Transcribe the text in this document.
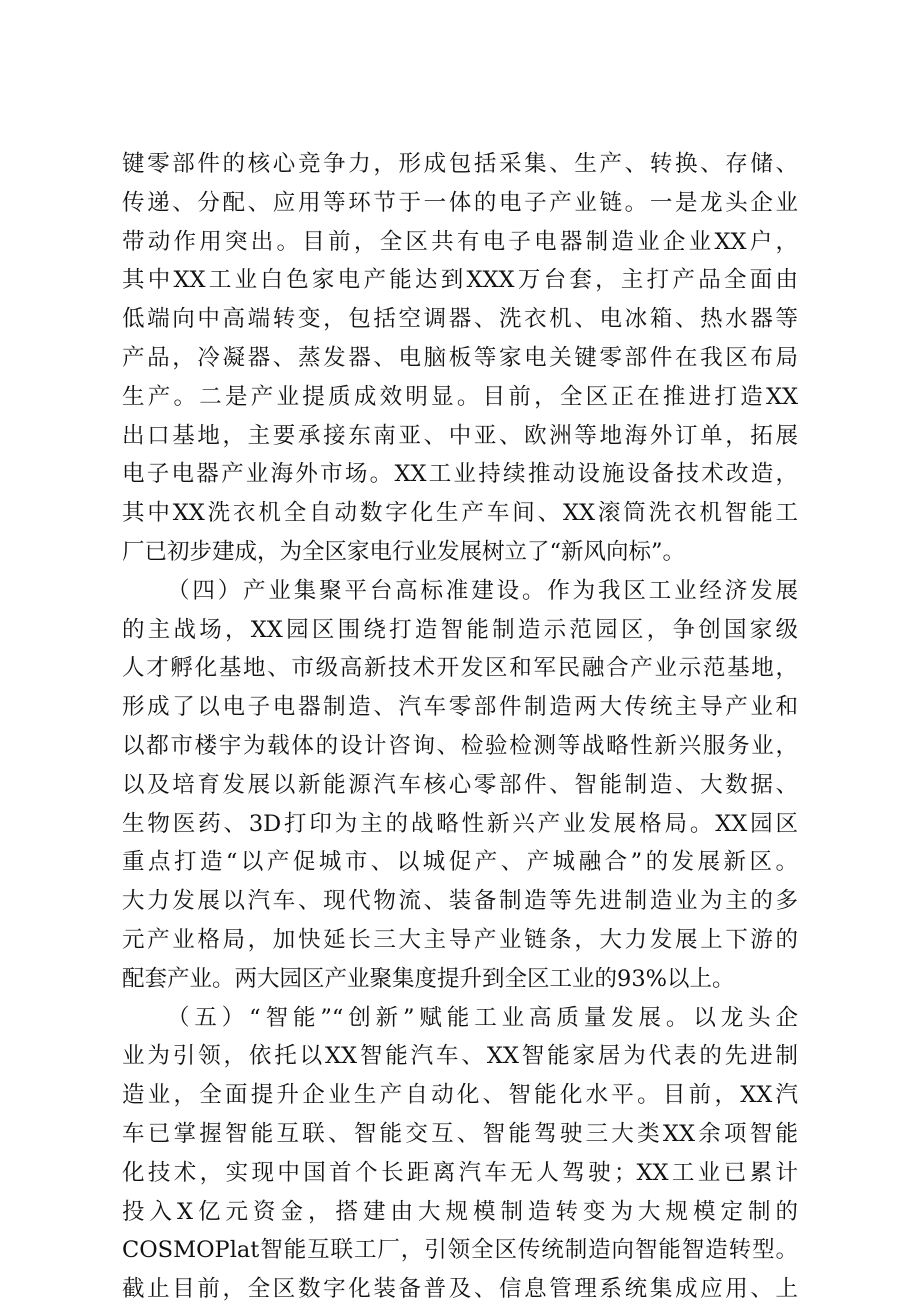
键零部件的核心竞争力，形成包括采集、生产、转换、存储、
传递、分配、应用等环节于一体的电子产业链。一是龙头企业
带动作用突出。目前，全区共有电子电器制造业企业XX户，
其中XX工业白色家电产能达到XXX万台套，主打产品全面由
低端向中高端转变，包括空调器、洗衣机、电冰箱、热水器等
产品，冷凝器、蒸发器、电脑板等家电关键零部件在我区布局
生产。二是产业提质成效明显。目前，全区正在推进打造XX
出口基地，主要承接东南亚、中亚、欧洲等地海外订单，拓展
电子电器产业海外市场。XX工业持续推动设施设备技术改造，
其中XX洗衣机全自动数字化生产车间、XX滚筒洗衣机智能工
厂已初步建成，为全区家电行业发展树立了“新风向标”。
（四）产业集聚平台高标准建设。作为我区工业经济发展
的主战场，XX园区围绕打造智能制造示范园区，争创国家级
人才孵化基地、市级高新技术开发区和军民融合产业示范基地，
形成了以电子电器制造、汽车零部件制造两大传统主导产业和
以都市楼宇为载体的设计咨询、检验检测等战略性新兴服务业，
以及培育发展以新能源汽车核心零部件、智能制造、大数据、
生物医药、3D打印为主的战略性新兴产业发展格局。XX园区
重点打造“以产促城市、以城促产、产城融合”的发展新区。
大力发展以汽车、现代物流、装备制造等先进制造业为主的多
元产业格局，加快延长三大主导产业链条，大力发展上下游的
配套产业。两大园区产业聚集度提升到全区工业的93%以上。
（五）“智能”“创新”赋能工业高质量发展。以龙头企
业为引领，依托以XX智能汽车、XX智能家居为代表的先进制
造业，全面提升企业生产自动化、智能化水平。目前，XX汽
车已掌握智能互联、智能交互、智能驾驶三大类XX余项智能
化技术，实现中国首个长距离汽车无人驾驶；XX工业已累计
投入X亿元资金，搭建由大规模制造转变为大规模定制的
COSMOPlat智能互联工厂，引领全区传统制造向智能智造转型。
截止目前，全区数字化装备普及、信息管理系统集成应用、上
